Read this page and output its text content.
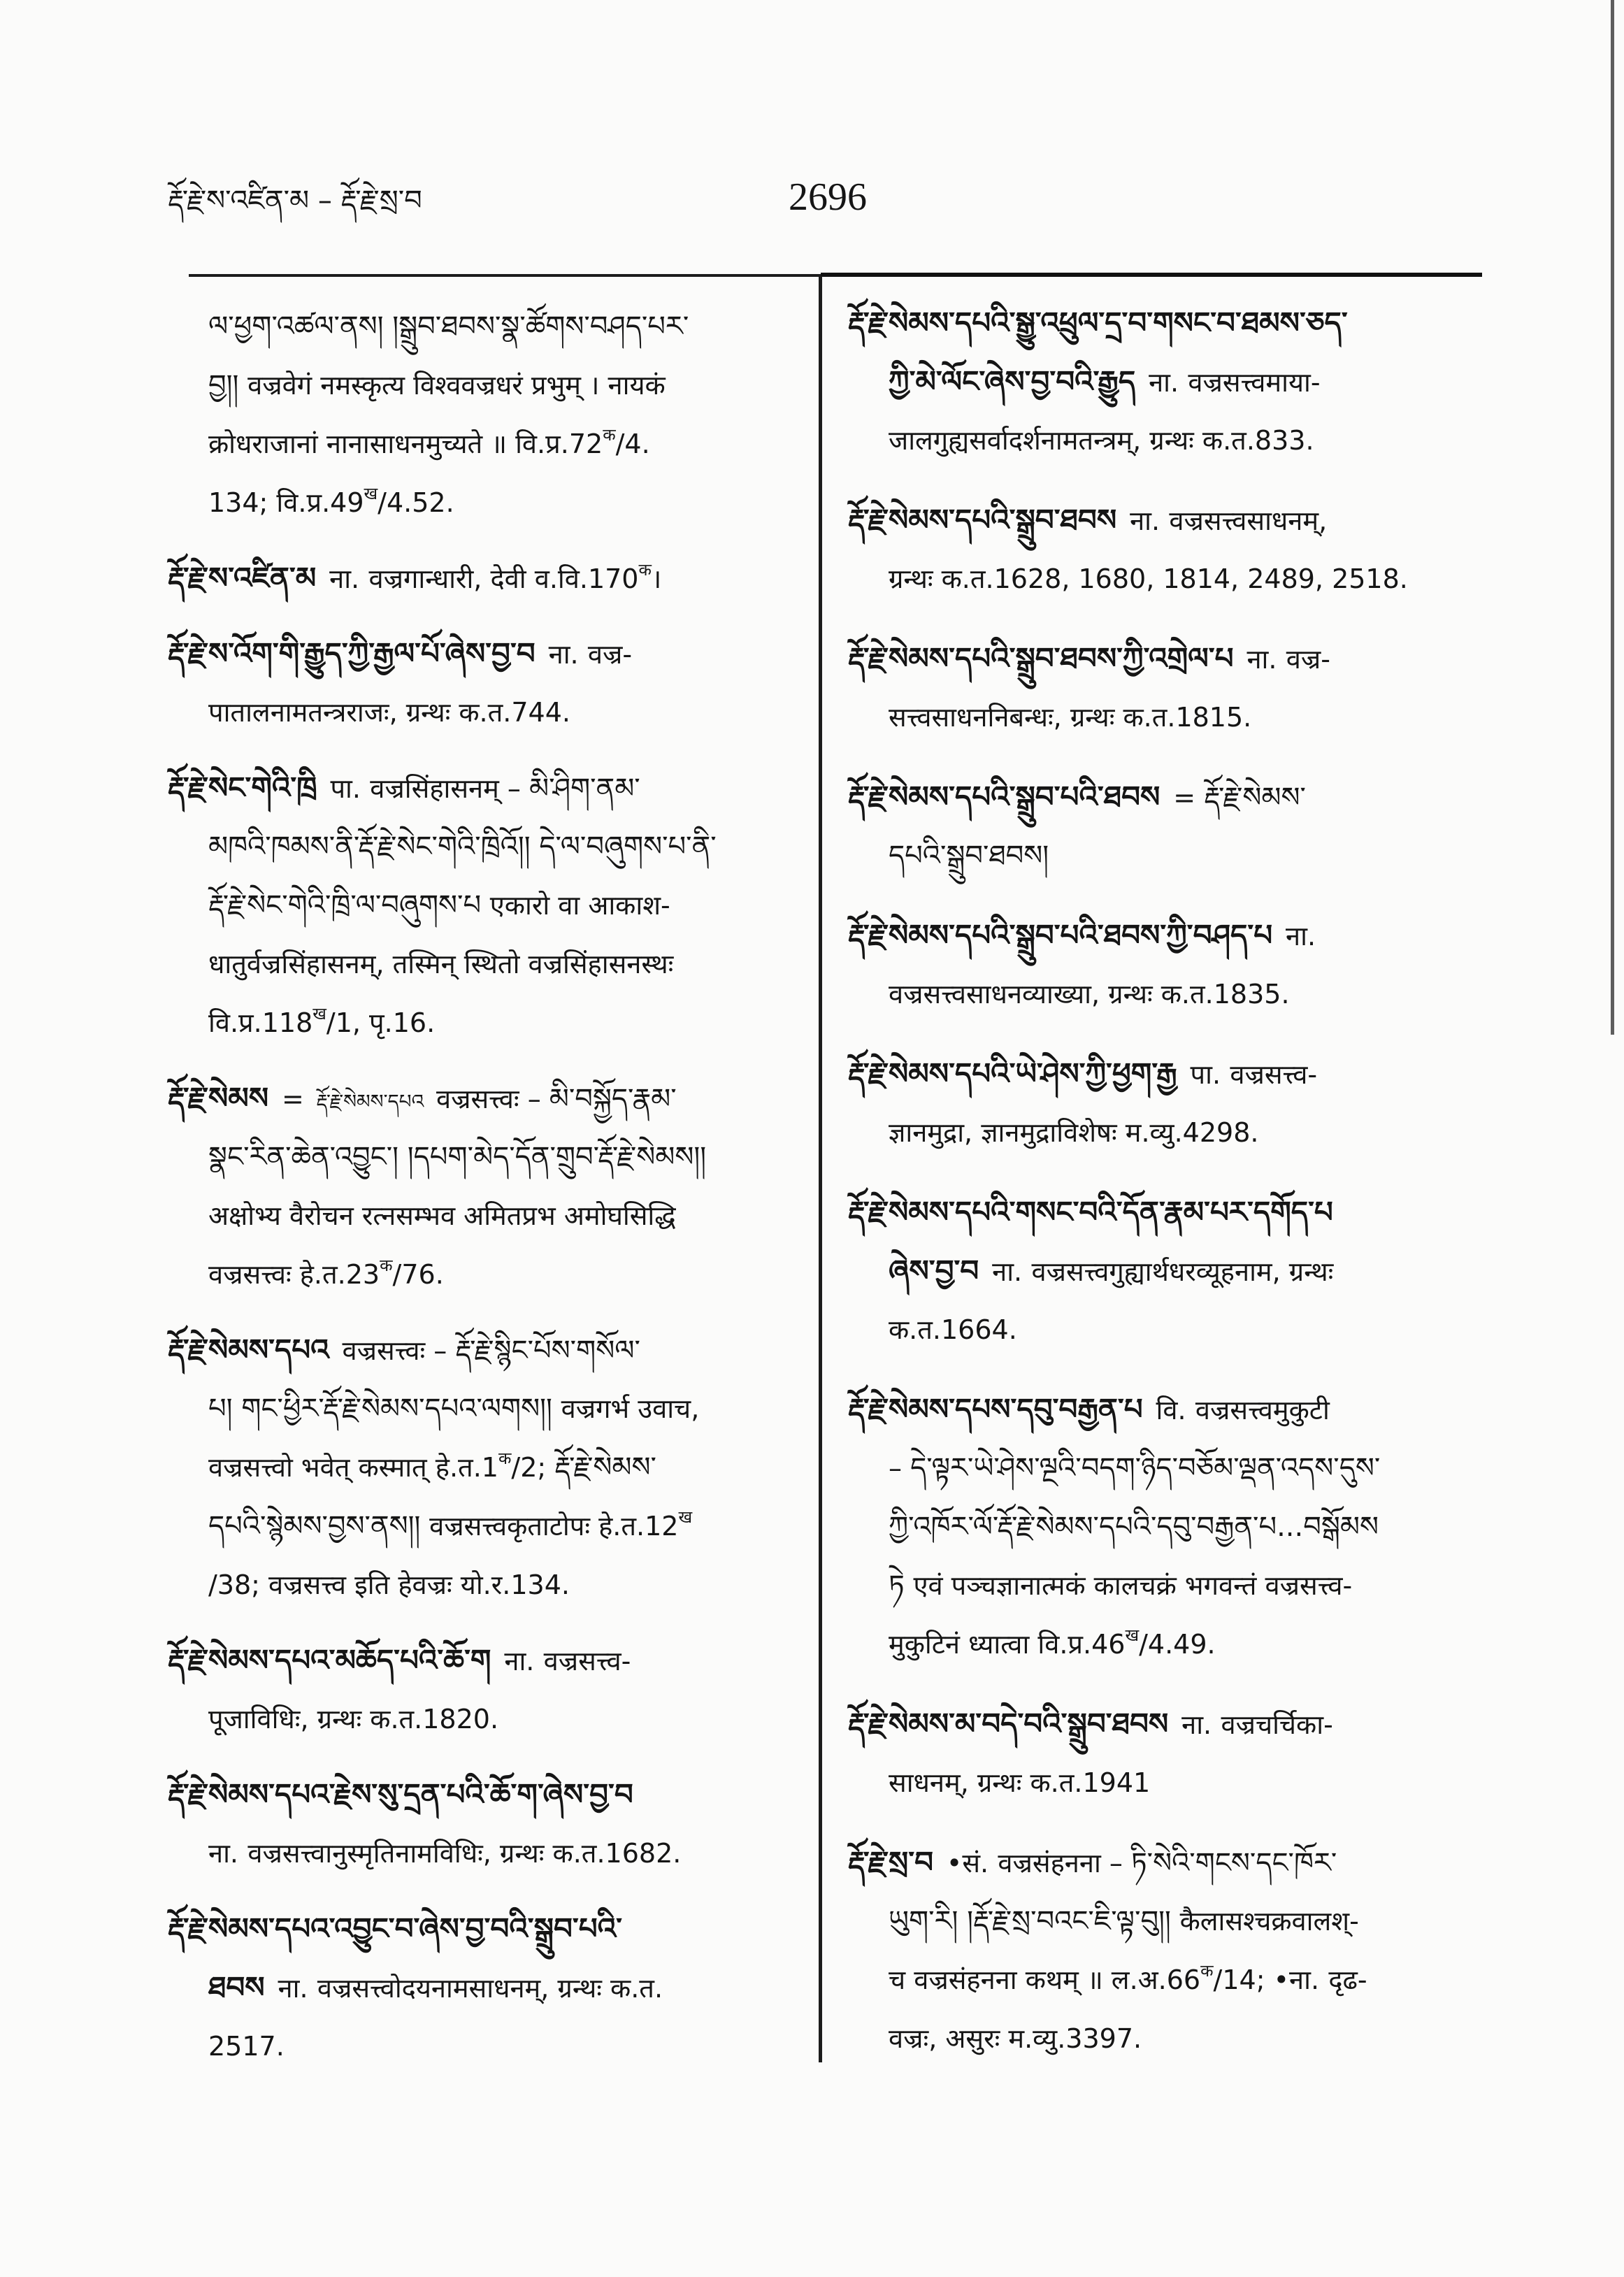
རྡོ་རྗེ་ས་འཛིན་མ – རྡོ་རྗེ་སྲ་བ	2696
ལ་ཕྱག་འཚལ་ནས། །སྒྲུབ་ཐབས་སྣ་ཚོགས་བཤད་པར་
བྱ།། वज्रवेगं नमस्कृत्य विश्ववज्रधरं प्रभुम् । नायकं
क्रोधराजानां नानासाधनमुच्यते ॥ $वि.प्र.72^क/4$.
134; $वि.प्र.49^ख/4.52$.
རྡོ་རྗེ་ས་འཛིན་མ ना. वज्रगान्धारी, देवी $व.वि.170^क।$
རྡོ་རྗེ་ས་འོག་གི་རྒྱུད་ཀྱི་རྒྱལ་པོ་ཞེས་བྱ་བ ना. वज्र-
पातालनामतन्त्रराजः, ग्रन्थः क.त.744.
རྡོ་རྗེ་སེང་གེའི་ཁྲི पा. वज्रसिंहासनम् – མི་ཤིག་ནམ་
མཁའི་ཁམས་ནི་རྡོ་རྗེ་སེང་གེའི་ཁྲིའོ།། དེ་ལ་བཞུགས་པ་ནི་
རྡོ་རྗེ་སེང་གེའི་ཁྲི་ལ་བཞུགས་པ एकारो वा आकाश-
धातुर्वज्रसिंहासनम्, तस्मिन् स्थितो वज्रसिंहासनस्थः
$वि.प्र.118^ख/1$, पृ.16.
རྡོ་རྗེ་སེམས = རྡོ་རྗེ་སེམས་དཔའ वज्रसत्त्वः – མི་བསྐྱོད་རྣམ་
སྣང་རིན་ཆེན་འབྱུང་། །དཔག་མེད་དོན་གྲུབ་རྡོ་རྗེ་སེམས།།
अक्षोभ्य वैरोचन रत्नसम्भव अमितप्रभ अमोघसिद्धि
वज्रसत्त्वः $हे.त.23^क/76$.
རྡོ་རྗེ་སེམས་དཔའ वज्रसत्त्वः – རྡོ་རྗེ་སྙིང་པོས་གསོལ་
པ། གང་ཕྱིར་རྡོ་རྗེ་སེམས་དཔའ་ལགས།། वज्रगर्भ उवाच,
वज्रसत्त्वो भवेत् कस्मात् $हे.त.1^क/2$; རྡོ་རྗེ་སེམས་
དཔའི་སྙེམས་བྱས་ནས།། वज्रसत्त्वकृताटोपः $हे.त.12^ख$
/38; वज्रसत्त्व इति हेवज्रः यो.र.134.
རྡོ་རྗེ་སེམས་དཔའ་མཆོད་པའི་ཆོ་ག ना. वज्रसत्त्व-
पूजाविधिः, ग्रन्थः क.त.1820.
རྡོ་རྗེ་སེམས་དཔའ་རྗེས་སུ་དྲན་པའི་ཆོ་ག་ཞེས་བྱ་བ
ना. वज्रसत्त्वानुस्मृतिनामविधिः, ग्रन्थः क.त.1682.
རྡོ་རྗེ་སེམས་དཔའ་འབྱུང་བ་ཞེས་བྱ་བའི་སྒྲུབ་པའི་
ཐབས ना. वज्रसत्त्वोदयनामसाधनम्, ग्रन्थः क.त.
2517.
རྡོ་རྗེ་སེམས་དཔའི་སྒྱུ་འཕྲུལ་དྲ་བ་གསང་བ་ཐམས་ཅད་
ཀྱི་མེ་ལོང་ཞེས་བྱ་བའི་རྒྱུད ना. वज्रसत्त्वमाया-
जालगुह्यसर्वादर्शनामतन्त्रम्, ग्रन्थः क.त.833.
རྡོ་རྗེ་སེམས་དཔའི་སྒྲུབ་ཐབས ना. वज्रसत्त्वसाधनम्,
ग्रन्थः क.त.1628, 1680, 1814, 2489, 2518.
རྡོ་རྗེ་སེམས་དཔའི་སྒྲུབ་ཐབས་ཀྱི་འགྲེལ་པ ना. वज्र-
सत्त्वसाधननिबन्धः, ग्रन्थः क.त.1815.
རྡོ་རྗེ་སེམས་དཔའི་སྒྲུབ་པའི་ཐབས = རྡོ་རྗེ་སེམས་
དཔའི་སྒྲུབ་ཐབས།
རྡོ་རྗེ་སེམས་དཔའི་སྒྲུབ་པའི་ཐབས་ཀྱི་བཤད་པ ना.
वज्रसत्त्वसाधनव्याख्या, ग्रन्थः क.त.1835.
རྡོ་རྗེ་སེམས་དཔའི་ཡེ་ཤེས་ཀྱི་ཕྱག་རྒྱ पा. वज्रसत्त्व-
ज्ञानमुद्रा, ज्ञानमुद्राविशेषः म.व्यु.4298.
རྡོ་རྗེ་སེམས་དཔའི་གསང་བའི་དོན་རྣམ་པར་དགོད་པ
ཞེས་བྱ་བ ना. वज्रसत्त्वगुह्यार्थधरव्यूहनाम, ग्रन्थः
क.त.1664.
རྡོ་རྗེ་སེམས་དཔས་དབུ་བརྒྱན་པ वि. वज्रसत्त्वमुकुटी
– དེ་ལྟར་ཡེ་ཤེས་ལྔའི་བདག་ཉིད་བཅོམ་ལྡན་འདས་དུས་
ཀྱི་འཁོར་ལོ་རྡོ་རྗེ་སེམས་དཔའི་དབུ་བརྒྱན་པ...བསྒོམས
ཏེ एवं पञ्चज्ञानात्मकं कालचक्रं भगवन्तं वज्रसत्त्व-
मुकुटिनं ध्यात्वा $वि.प्र.46^ख/4.49$.
རྡོ་རྗེ་སེམས་མ་བདེ་བའི་སྒྲུབ་ཐབས ना. वज्रचर्चिका-
साधनम्, ग्रन्थः क.त.1941
རྡོ་རྗེ་སྲ་བ •सं. वज्रसंहनना – ཏི་སེའི་གངས་དང་ཁོར་
ཡུག་རི། །རྡོ་རྗེ་སྲ་བའང་ཇི་ལྟ་བུ།། कैलासश्चक्रवालश्-
च वज्रसंहनना कथम् ॥ $ल.अ.66^क/14$; •ना. दृढ-
वज्रः, असुरः म.व्यु.3397.
